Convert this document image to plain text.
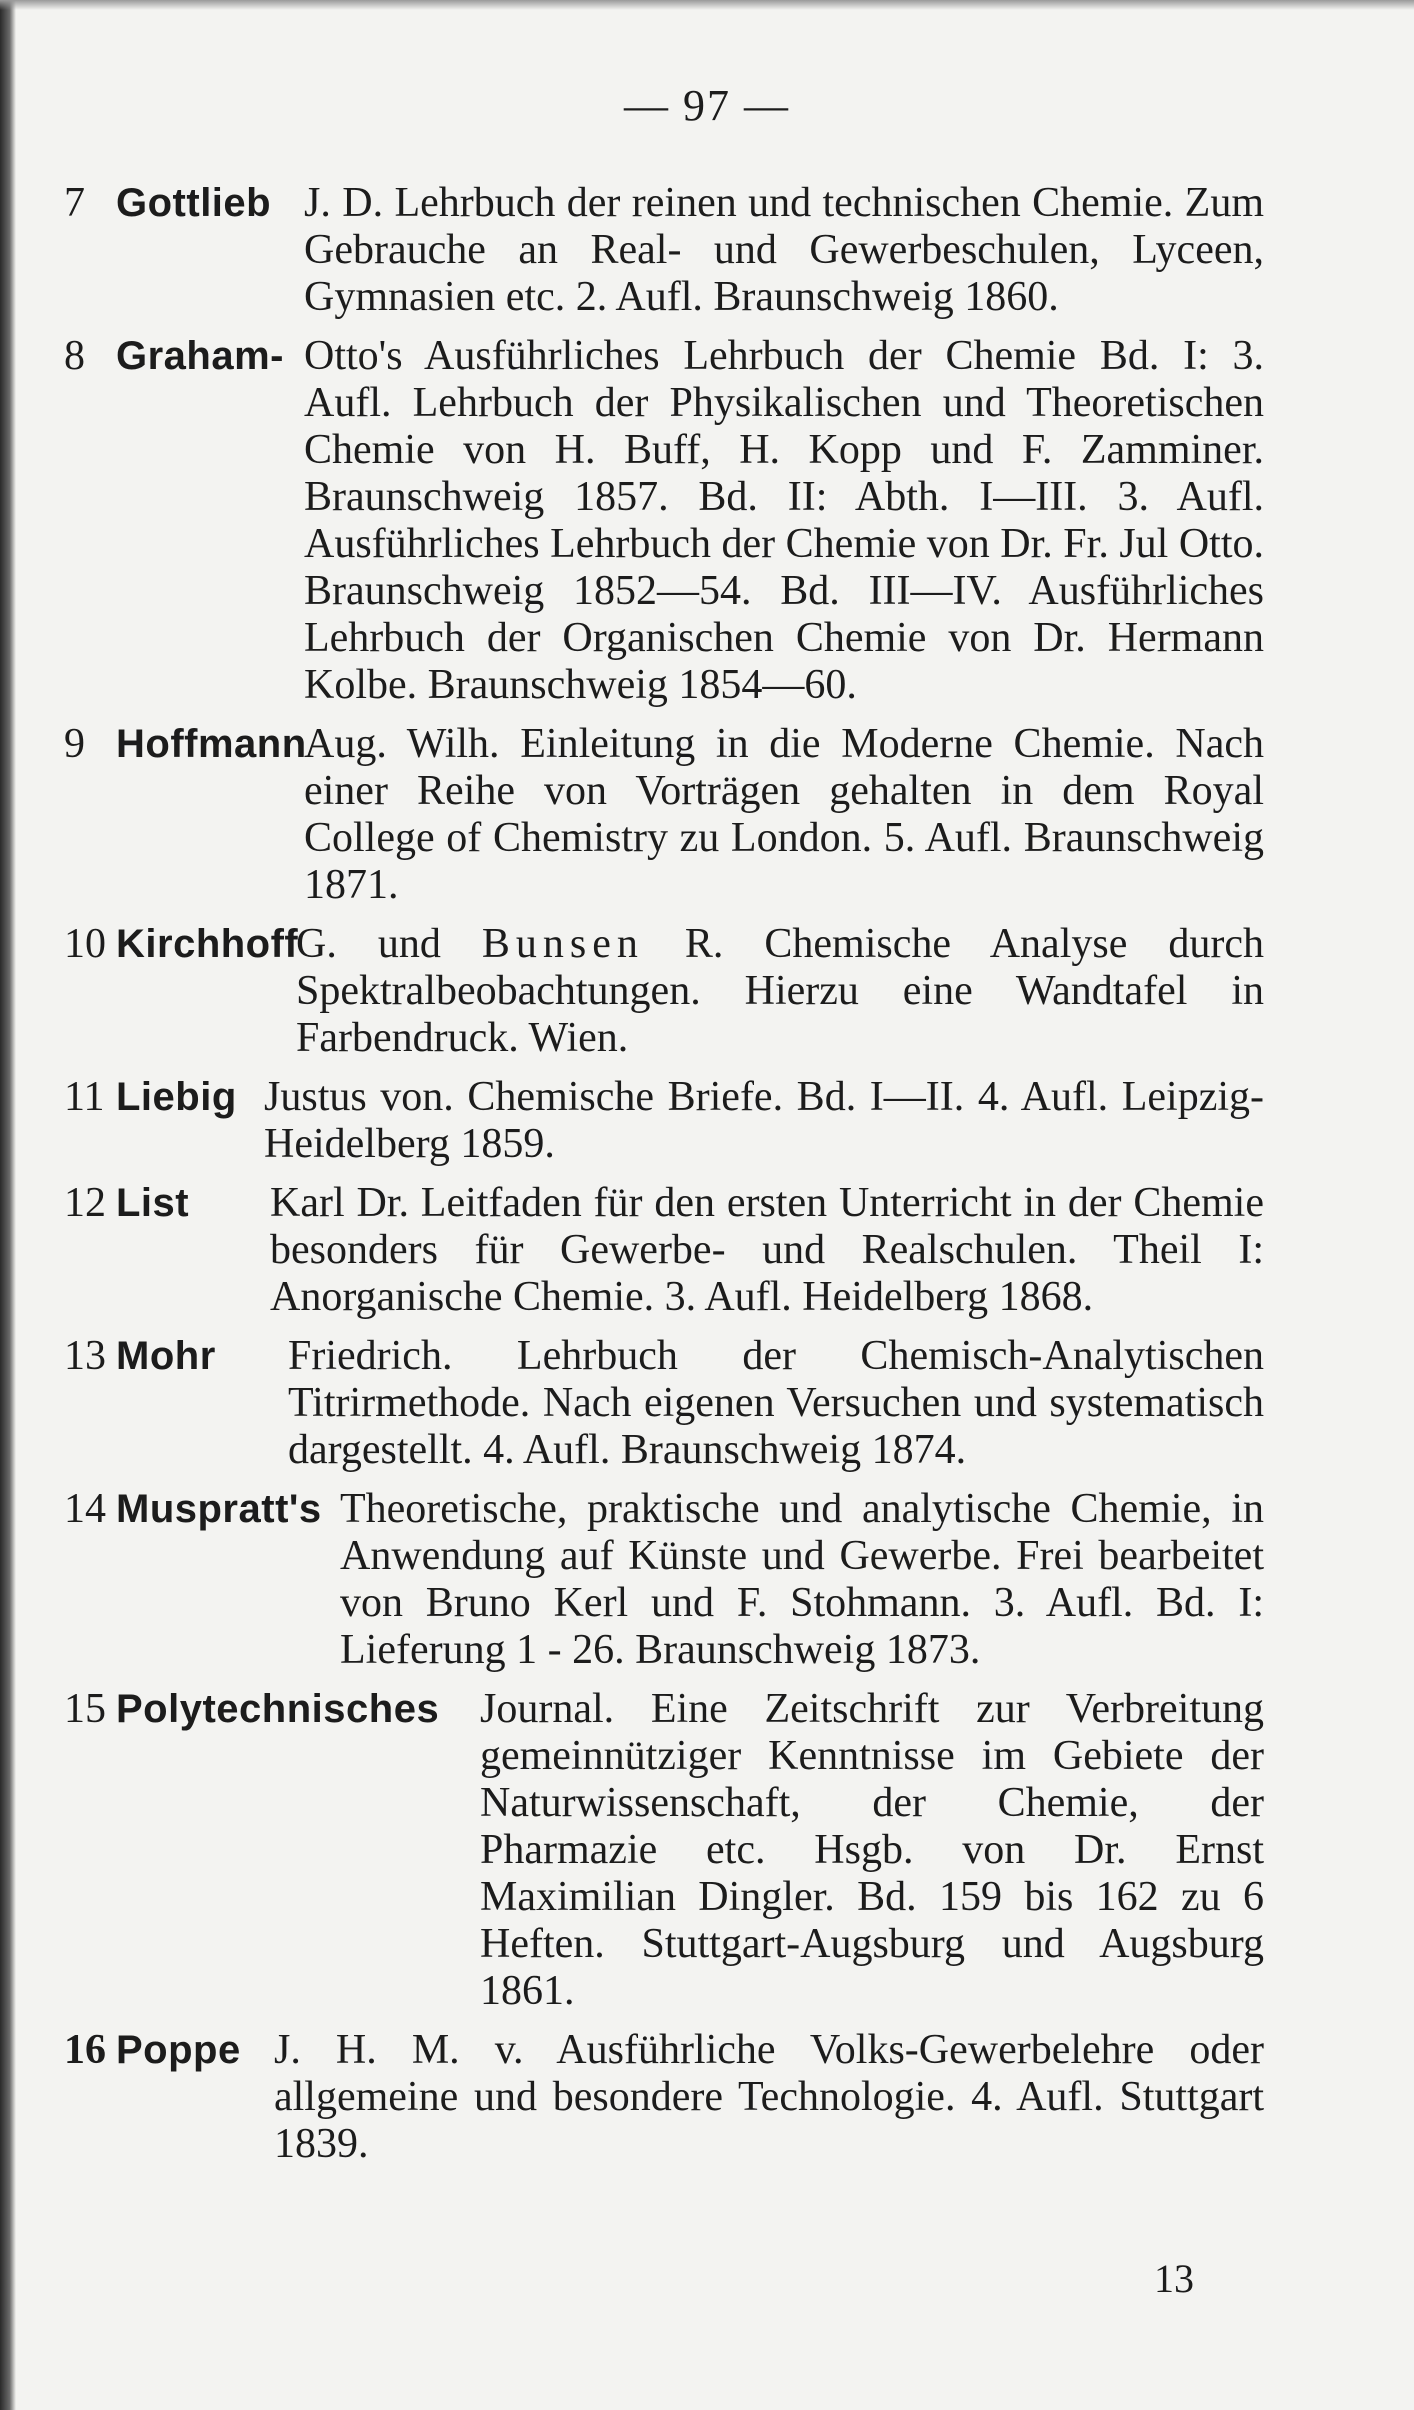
— 97 —
7 Gottlieb J. D. Lehrbuch der reinen und technischen Chemie. Zum Gebrauche an Real- und Gewerbeschulen, Lyceen, Gymnasien etc. 2. Aufl. Braunschweig 1860.
8 Graham- Otto's Ausführliches Lehrbuch der Chemie Bd. I: 3. Aufl. Lehrbuch der Physikalischen und Theoretischen Chemie von H. Buff, H. Kopp und F. Zamminer. Braunschweig 1857. Bd. II: Abth. I—III. 3. Aufl. Ausführliches Lehrbuch der Chemie von Dr. Fr. Jul Otto. Braunschweig 1852—54. Bd. III—IV. Ausführliches Lehrbuch der Organischen Chemie von Dr. Hermann Kolbe. Braunschweig 1854—60.
9 Hoffmann
Aug. Wilh. Einleitung in die Moderne Chemie. Nach einer Reihe von Vorträgen gehalten in dem Royal College of Chemistry zu London. 5. Aufl. Braunschweig 1871.
10 Kirchhoff
G. und Bunsen R. Chemische Analyse durch Spektralbeobachtungen. Hierzu eine Wandtafel in Farbendruck. Wien.
11 Liebig Justus von. Chemische Briefe. Bd. I—II. 4. Aufl. Leipzig-Heidelberg 1859.
12 List Karl Dr. Leitfaden für den ersten Unterricht in der Chemie besonders für Gewerbe- und Realschulen. Theil I: Anorganische Chemie. 3. Aufl. Heidelberg 1868.
13 Mohr Friedrich. Lehrbuch der Chemisch-Analytischen Titrirmethode. Nach eigenen Versuchen und systematisch dargestellt. 4. Aufl. Braunschweig 1874.
14 Muspratt's Theoretische, praktische und analytische Chemie, in Anwendung auf Künste und Gewerbe. Frei bearbeitet von Bruno Kerl und F. Stohmann. 3. Aufl. Bd. I: Lieferung 1 - 26. Braunschweig 1873.
15 Polytechnisches Journal. Eine Zeitschrift zur Verbreitung gemeinnütziger Kenntnisse im Gebiete der Naturwissenschaft, der Chemie, der Pharmazie etc. Hsgb. von Dr. Ernst Maximilian Dingler. Bd. 159 bis 162 zu 6 Heften. Stuttgart-Augsburg und Augsburg 1861.
16 Poppe J. H. M. v. Ausführliche Volks-Gewerbelehre oder allgemeine und besondere Technologie. 4. Aufl. Stuttgart 1839.
13
